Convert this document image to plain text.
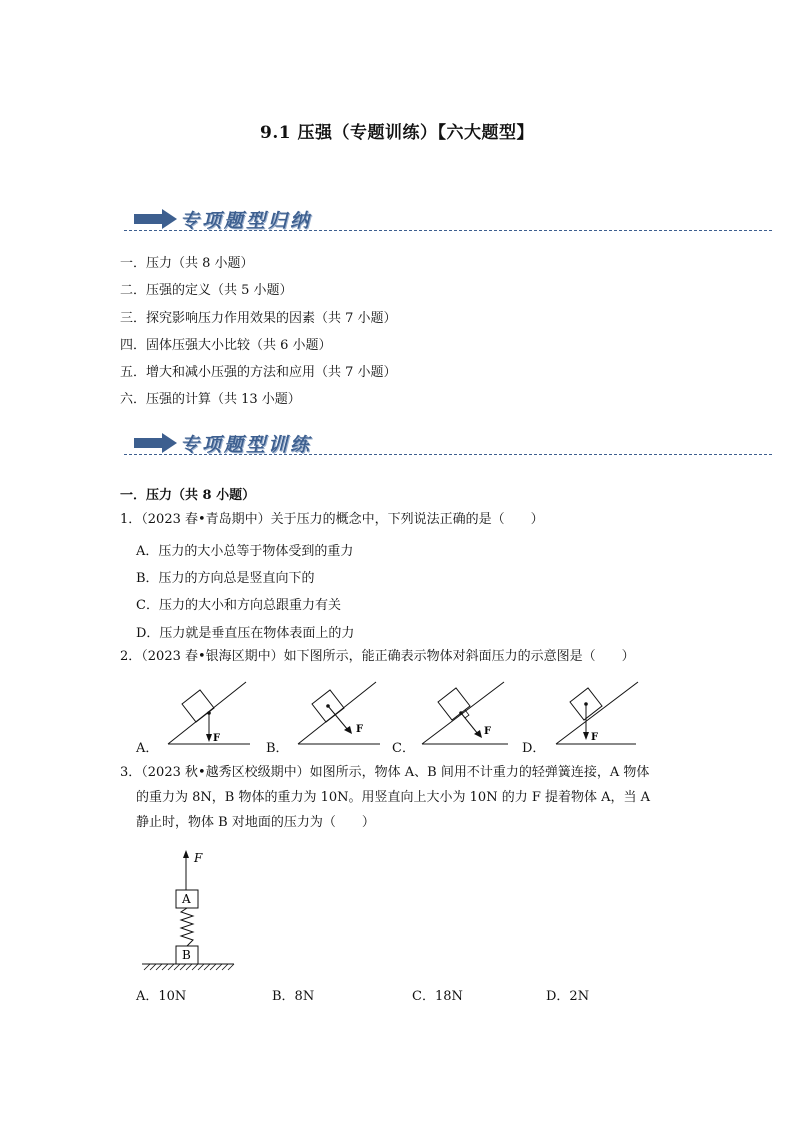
9.1 压强（专题训练）【六大题型】
专项题型归纳
一．压力（共 8 小题）
二．压强的定义（共 5 小题）
三．探究影响压力作用效果的因素（共 7 小题）
四．固体压强大小比较（共 6 小题）
五．增大和减小压强的方法和应用（共 7 小题）
六．压强的计算（共 13 小题）
专项题型训练
一．压力（共 8 小题）
1．（2023 春•青岛期中）关于压力的概念中，下列说法正确的是（　　）
A．压力的大小总等于物体受到的重力
B．压力的方向总是竖直向下的
C．压力的大小和方向总跟重力有关
D．压力就是垂直压在物体表面上的力
2．（2023 春•银海区期中）如下图所示，能正确表示物体对斜面压力的示意图是（　　）
A．	B．	C．	D．
F
F	F
F
3．（2023 秋•越秀区校级期中）如图所示，物体 A、B 间用不计重力的轻弹簧连接，A 物体
的重力为 8N，B 物体的重力为 10N。用竖直向上大小为 10N 的力 F 提着物体 A，当 A
静止时，物体 B 对地面的压力为（　　）
F
A
B
A．10N	B．8N	C．18N	D．2N
